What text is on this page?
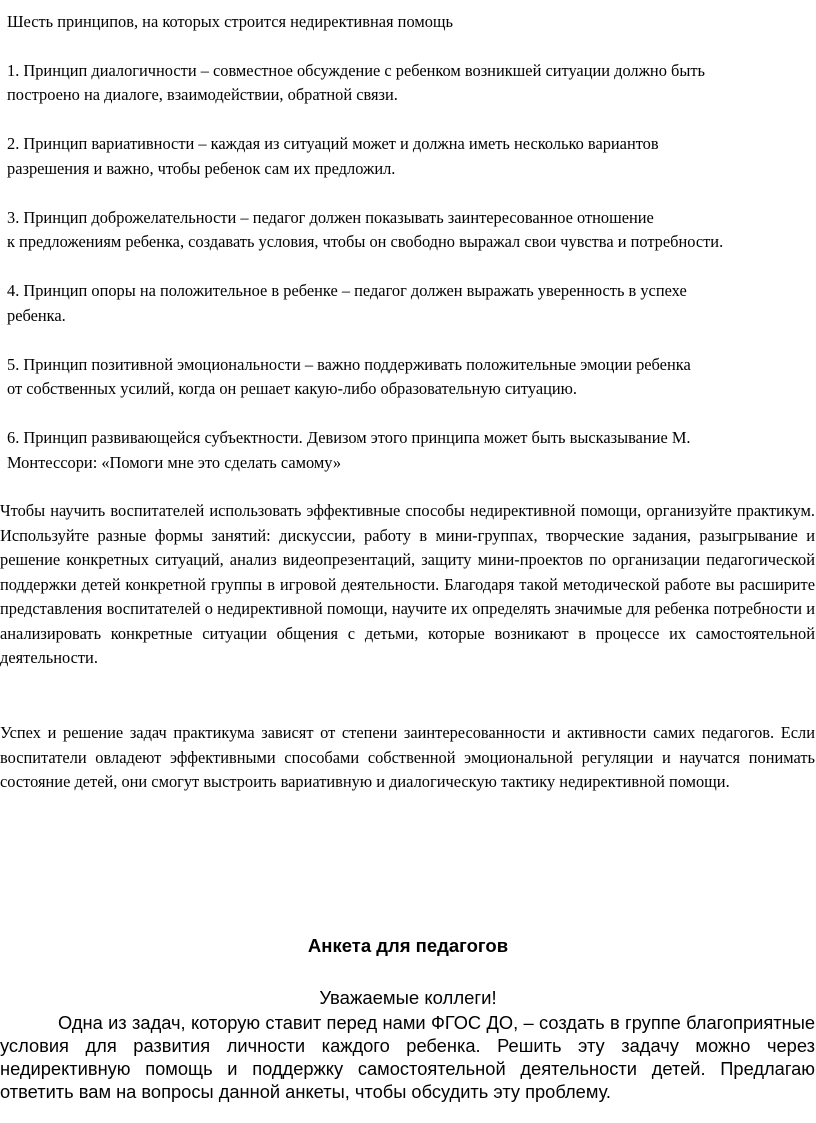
Шесть принципов, на которых строится недирективная помощь

1. Принцип диалогичности – совместное обсуждение с ребенком возникшей ситуации должно быть

построено на диалоге, взаимодействии, обратной связи.

2. Принцип вариативности – каждая из ситуаций может и должна иметь несколько вариантов

разрешения и важно, чтобы ребенок сам их предложил.

3. Принцип доброжелательности – педагог должен показывать заинтересованное отношение

к предложениям ребенка, создавать условия, чтобы он свободно выражал свои чувства и потребности.

4. Принцип опоры на положительное в ребенке – педагог должен выражать уверенность в успехе

ребенка.

5. Принцип позитивной эмоциональности – важно поддерживать положительные эмоции ребенка

от собственных усилий, когда он решает какую-либо образовательную ситуацию.

6. Принцип развивающейся субъектности. Девизом этого принципа может быть высказывание М.

Монтессори: «Помоги мне это сделать самому»

Чтобы научить воспитателей использовать эффективные способы недирективной помощи, организуйте практикум. Используйте разные формы занятий: дискуссии, работу в мини-группах, творческие задания, разыгрывание и решение конкретных ситуаций, анализ видеопрезентаций, защиту мини-проектов по организации педагогической поддержки детей конкретной группы в игровой деятельности. Благодаря такой методической работе вы расширите представления воспитателей о недирективной помощи, научите их определять значимые для ребенка потребности и анализировать конкретные ситуации общения с детьми, которые возникают в процессе их самостоятельной деятельности.

Успех и решение задач практикума зависят от степени заинтересованности и активности самих педагогов. Если воспитатели овладеют эффективными способами собственной эмоциональной регуляции и научатся понимать состояние детей, они смогут выстроить вариативную и диалогическую тактику недирективной помощи.

Анкета для педагогов

Уважаемые коллеги!

Одна из задач, которую ставит перед нами ФГОС ДО, – создать в группе благоприятные условия для развития личности каждого ребенка. Решить эту задачу можно через недирективную помощь и поддержку самостоятельной деятельности детей. Предлагаю ответить вам на вопросы данной анкеты, чтобы обсудить эту проблему.
